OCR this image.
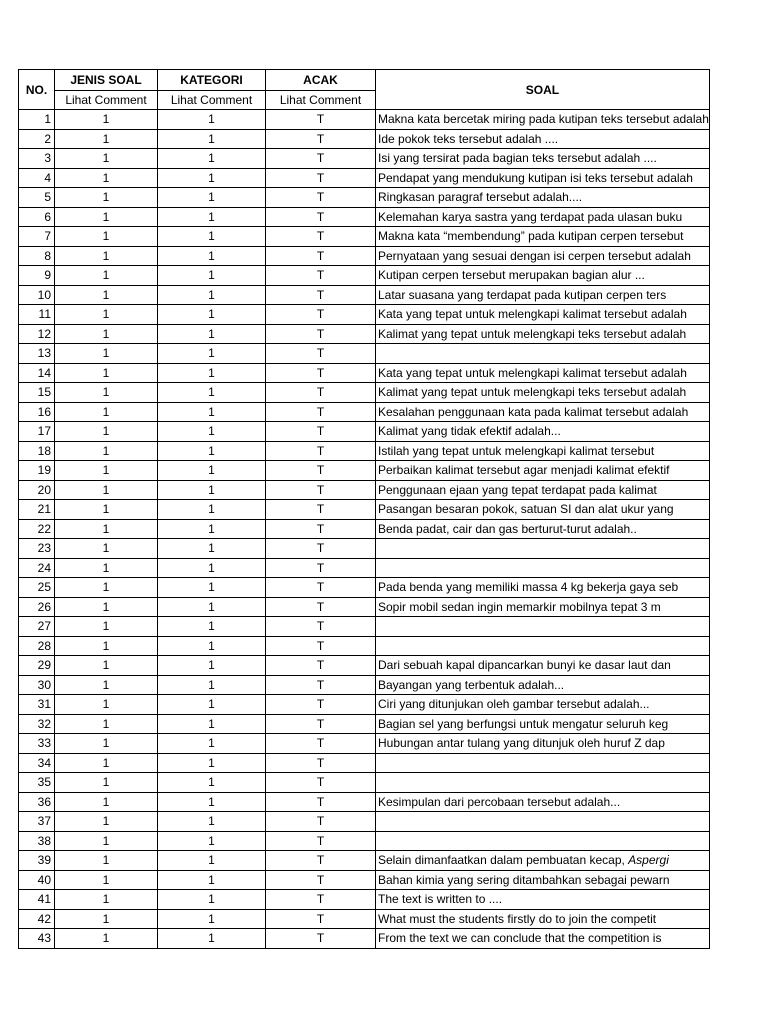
NO.	JENIS SOAL	KATEGORI	ACAK	SOAL
	Lihat Comment	Lihat Comment	Lihat Comment	
1	1	1	T	Makna kata bercetak miring pada kutipan teks tersebut adalah
2	1	1	T	Ide pokok teks tersebut adalah ....
3	1	1	T	Isi yang tersirat pada bagian teks tersebut adalah ....
4	1	1	T	Pendapat yang mendukung kutipan isi teks tersebut adalah
5	1	1	T	Ringkasan paragraf tersebut adalah....
6	1	1	T	Kelemahan karya sastra yang terdapat pada ulasan buku
7	1	1	T	Makna kata “membendung” pada kutipan cerpen tersebut
8	1	1	T	Pernyataan yang sesuai dengan isi cerpen tersebut adalah
9	1	1	T	Kutipan cerpen tersebut merupakan bagian alur ...
10	1	1	T	Latar suasana yang terdapat pada kutipan cerpen ters
11	1	1	T	Kata yang tepat untuk melengkapi kalimat tersebut adalah
12	1	1	T	Kalimat yang tepat untuk melengkapi teks tersebut adalah
13	1	1	T	
14	1	1	T	Kata yang tepat untuk melengkapi kalimat tersebut adalah
15	1	1	T	Kalimat yang tepat untuk melengkapi teks tersebut adalah
16	1	1	T	Kesalahan penggunaan kata pada kalimat tersebut adalah
17	1	1	T	Kalimat yang tidak efektif adalah...
18	1	1	T	Istilah yang tepat untuk melengkapi kalimat tersebut
19	1	1	T	Perbaikan kalimat tersebut agar menjadi kalimat efektif
20	1	1	T	Penggunaan ejaan yang tepat terdapat pada kalimat
21	1	1	T	Pasangan besaran pokok, satuan SI dan alat ukur yang
22	1	1	T	Benda padat, cair dan gas berturut-turut adalah..
23	1	1	T	
24	1	1	T	
25	1	1	T	Pada benda yang memiliki massa 4 kg bekerja gaya seb
26	1	1	T	Sopir mobil sedan ingin memarkir mobilnya tepat 3 m
27	1	1	T	
28	1	1	T	
29	1	1	T	Dari sebuah kapal dipancarkan bunyi ke dasar laut dan
30	1	1	T	Bayangan yang terbentuk adalah...
31	1	1	T	Ciri yang ditunjukan oleh gambar tersebut adalah...
32	1	1	T	Bagian sel yang berfungsi untuk mengatur seluruh keg
33	1	1	T	Hubungan antar tulang yang ditunjuk oleh huruf Z dap
34	1	1	T	
35	1	1	T	
36	1	1	T	Kesimpulan dari percobaan tersebut adalah...
37	1	1	T	
38	1	1	T	
39	1	1	T	Selain dimanfaatkan dalam pembuatan kecap, Aspergi
40	1	1	T	Bahan kimia yang sering ditambahkan sebagai pewarn
41	1	1	T	The text is written to ....
42	1	1	T	What must the students firstly do to join the competit
43	1	1	T	From the text we can conclude that the competition is
